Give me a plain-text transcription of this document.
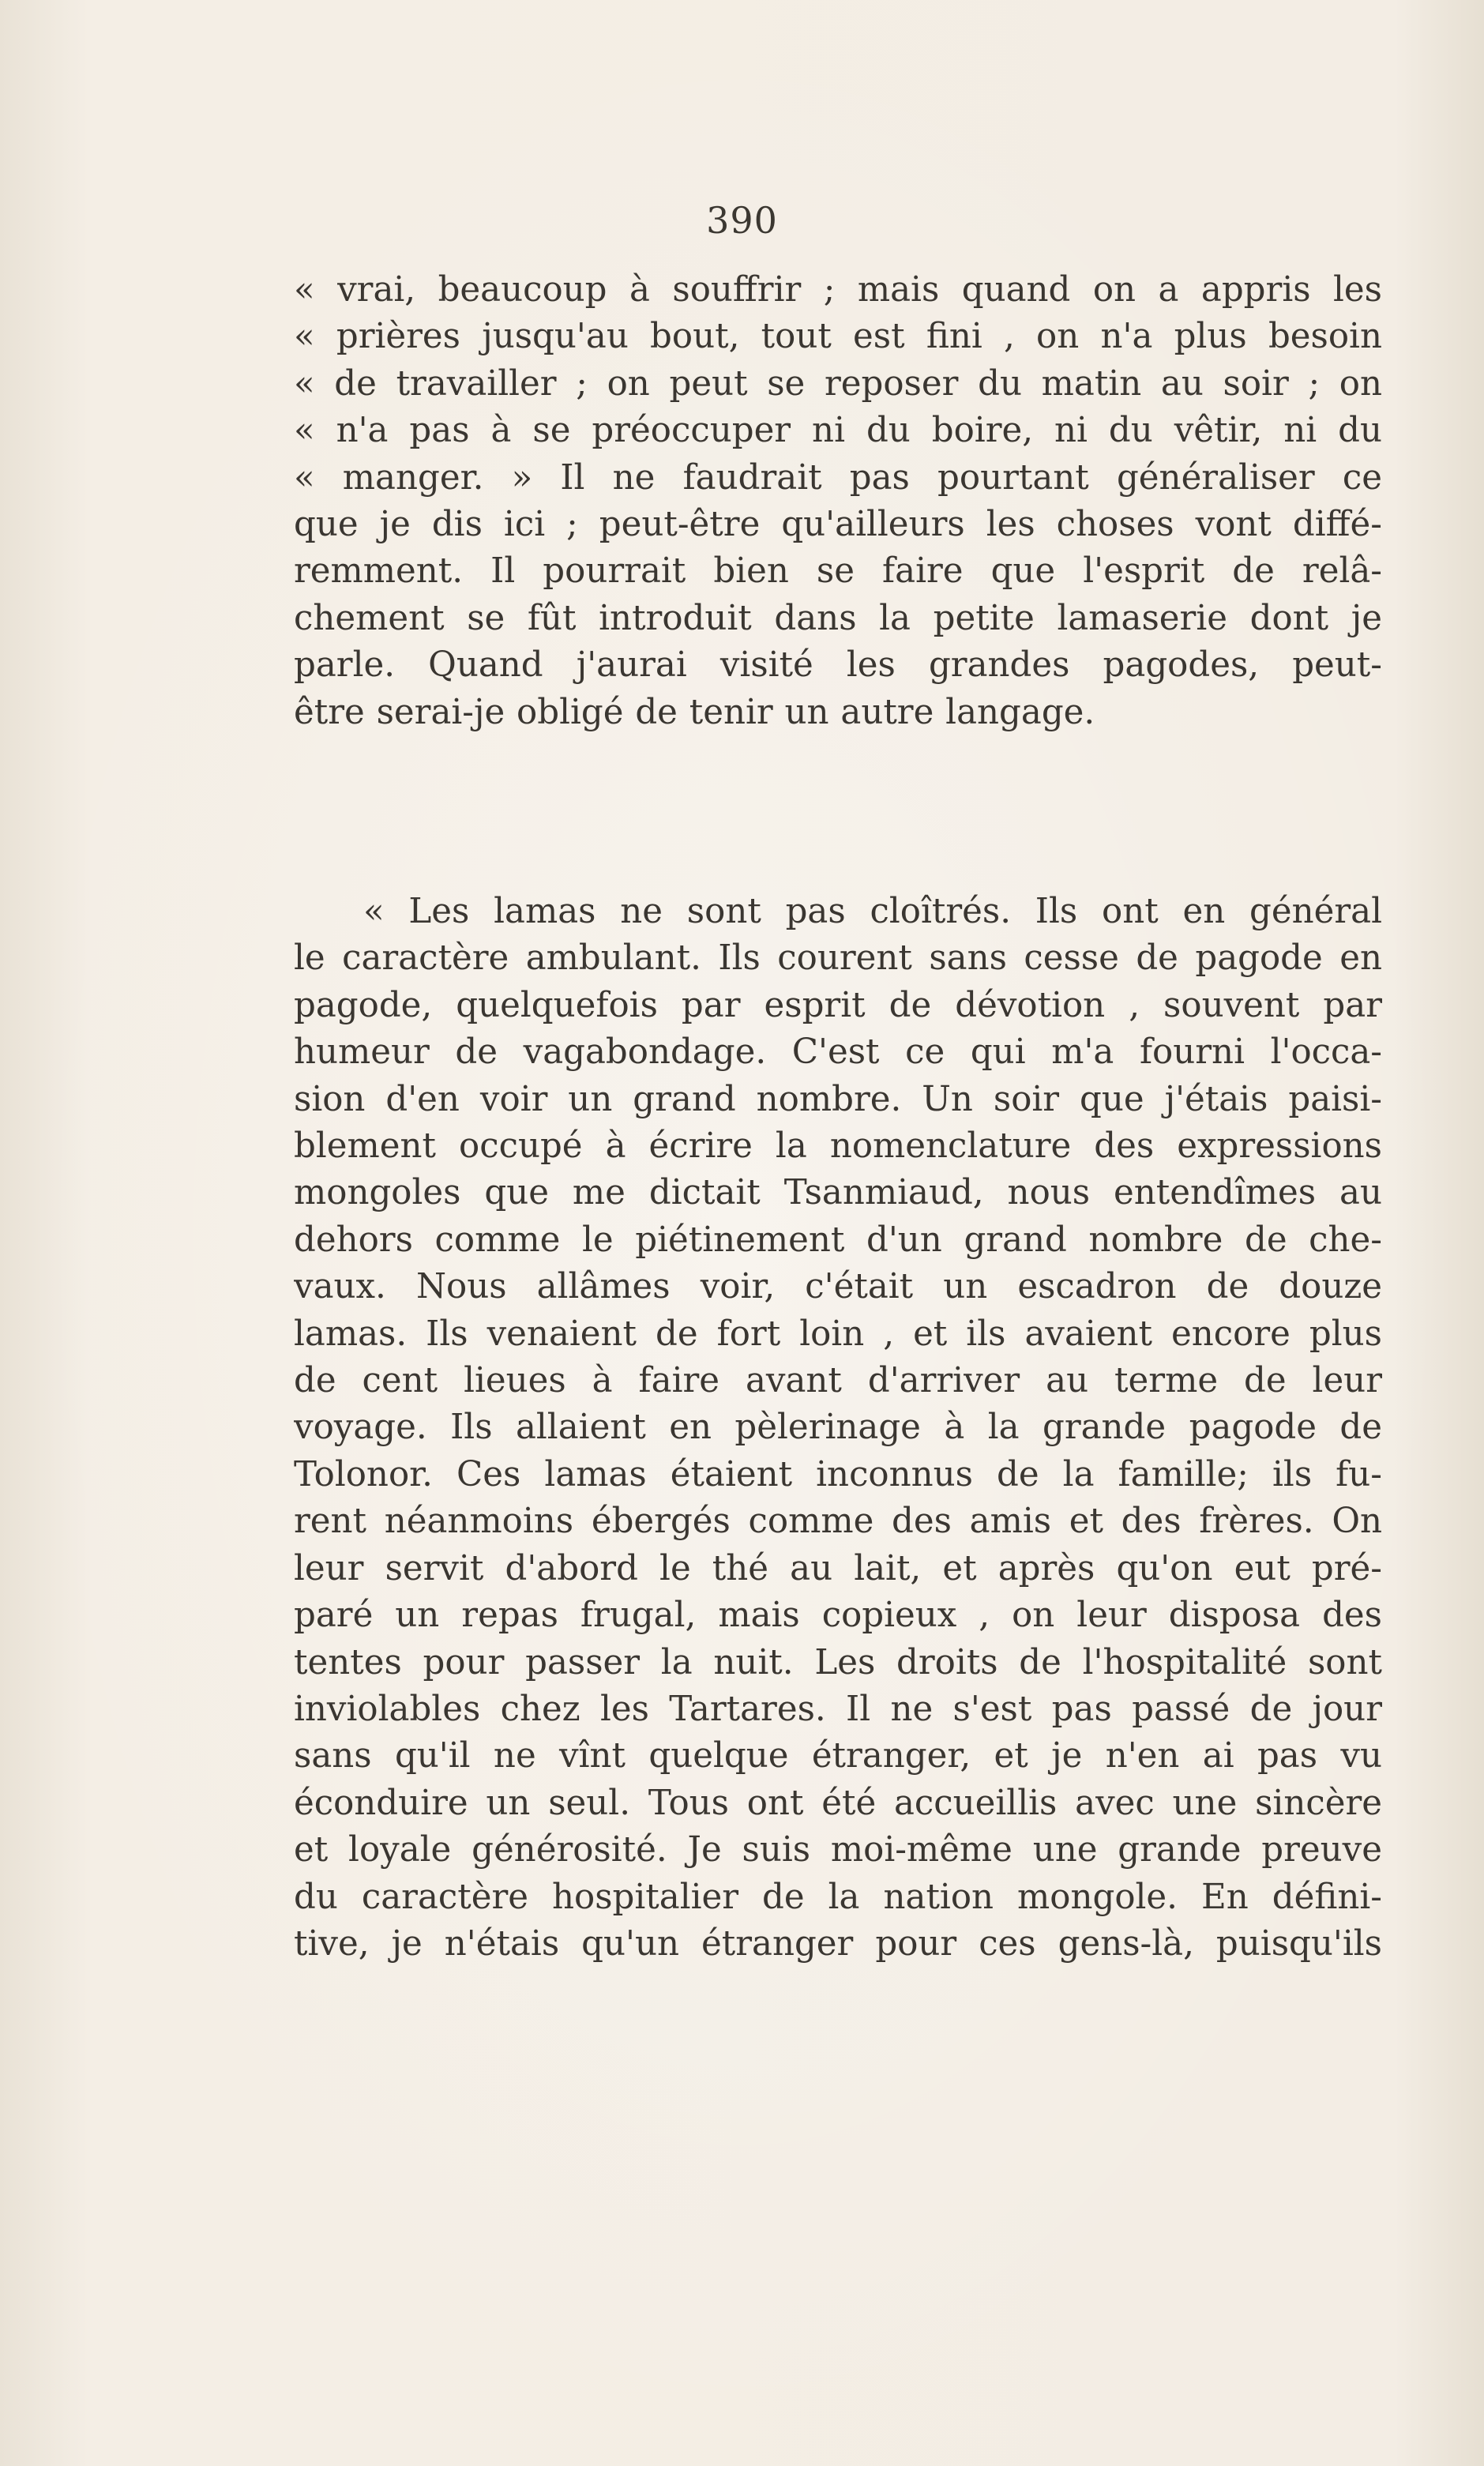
390
« vrai, beaucoup à souffrir ; mais quand on a appris les
« prières jusqu'au bout, tout est fini , on n'a plus besoin
« de travailler ; on peut se reposer du matin au soir ; on
« n'a pas à se préoccuper ni du boire, ni du vêtir, ni du
« manger. » Il ne faudrait pas pourtant généraliser ce
que je dis ici ; peut-être qu'ailleurs les choses vont diffé-
remment. Il pourrait bien se faire que l'esprit de relâ-
chement se fût introduit dans la petite lamaserie dont je
parle. Quand j'aurai visité les grandes pagodes, peut-
être serai-je obligé de tenir un autre langage.
« Les lamas ne sont pas cloîtrés. Ils ont en général
le caractère ambulant. Ils courent sans cesse de pagode en
pagode, quelquefois par esprit de dévotion , souvent par
humeur de vagabondage. C'est ce qui m'a fourni l'occa-
sion d'en voir un grand nombre. Un soir que j'étais paisi-
blement occupé à écrire la nomenclature des expressions
mongoles que me dictait Tsanmiaud, nous entendîmes au
dehors comme le piétinement d'un grand nombre de che-
vaux. Nous allâmes voir, c'était un escadron de douze
lamas. Ils venaient de fort loin , et ils avaient encore plus
de cent lieues à faire avant d'arriver au terme de leur
voyage. Ils allaient en pèlerinage à la grande pagode de
Tolonor. Ces lamas étaient inconnus de la famille; ils fu-
rent néanmoins ébergés comme des amis et des frères. On
leur servit d'abord le thé au lait, et après qu'on eut pré-
paré un repas frugal, mais copieux , on leur disposa des
tentes pour passer la nuit. Les droits de l'hospitalité sont
inviolables chez les Tartares. Il ne s'est pas passé de jour
sans qu'il ne vînt quelque étranger, et je n'en ai pas vu
éconduire un seul. Tous ont été accueillis avec une sincère
et loyale générosité. Je suis moi-même une grande preuve
du caractère hospitalier de la nation mongole. En défini-
tive, je n'étais qu'un étranger pour ces gens-là, puisqu'ils
